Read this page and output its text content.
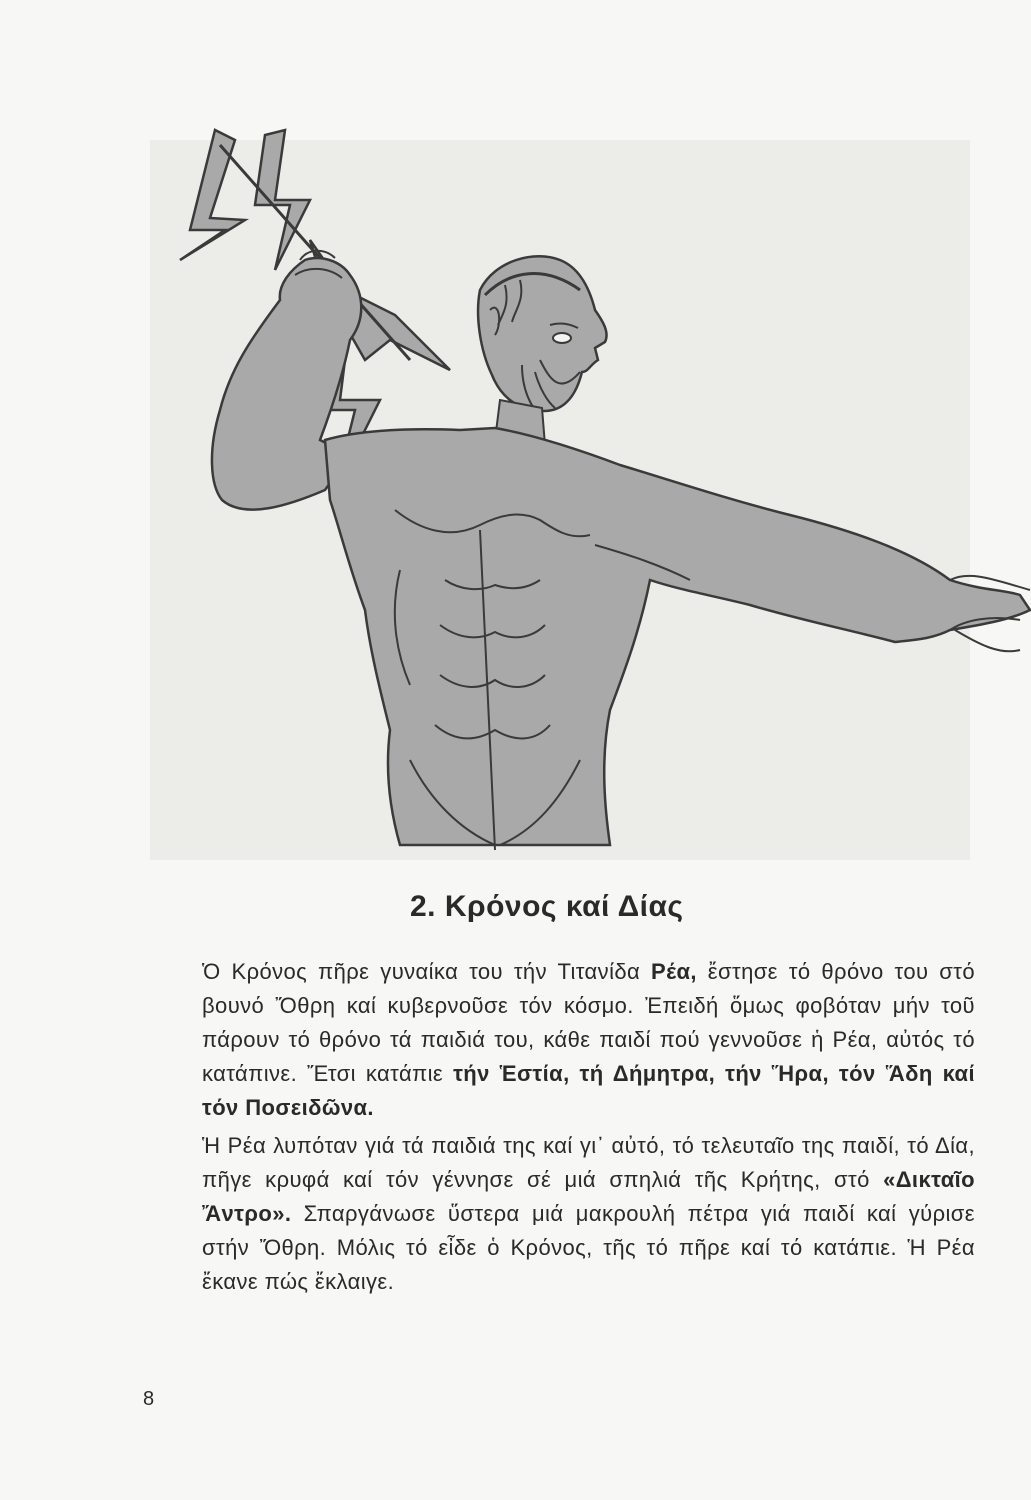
2. Κρόνος καί Δίας

Ὁ Κρόνος πῆρε γυναίκα του τήν Τιτανίδα Ρέα, ἔστησε τό θρόνο του στό βουνό Ὄθρη καί κυβερνοῦσε τόν κόσμο. Ἐπειδή ὅμως φοβόταν μήν τοῦ πάρουν τό θρόνο τά παιδιά του, κάθε παιδί πού γεννοῦσε ἡ Ρέα, αὐτός τό κατάπινε. Ἔτσι κατάπιε τήν Ἑστία, τή Δήμητρα, τήν Ἥρα, τόν Ἅδη καί τόν Ποσειδῶνα.

Ἡ Ρέα λυπόταν γιά τά παιδιά της καί γι᾿ αὐτό, τό τελευταῖο της παιδί, τό Δία, πῆγε κρυφά καί τόν γέννησε σέ μιά σπηλιά τῆς Κρήτης, στό «Δικταῖο Ἄντρο». Σπαργάνωσε ὕστερα μιά μακρουλή πέτρα γιά παιδί καί γύρισε στήν Ὄθρη. Μόλις τό εἶδε ὁ Κρόνος, τῆς τό πῆρε καί τό κατάπιε. Ἡ Ρέα ἔκανε πώς ἔκλαιγε.

8
